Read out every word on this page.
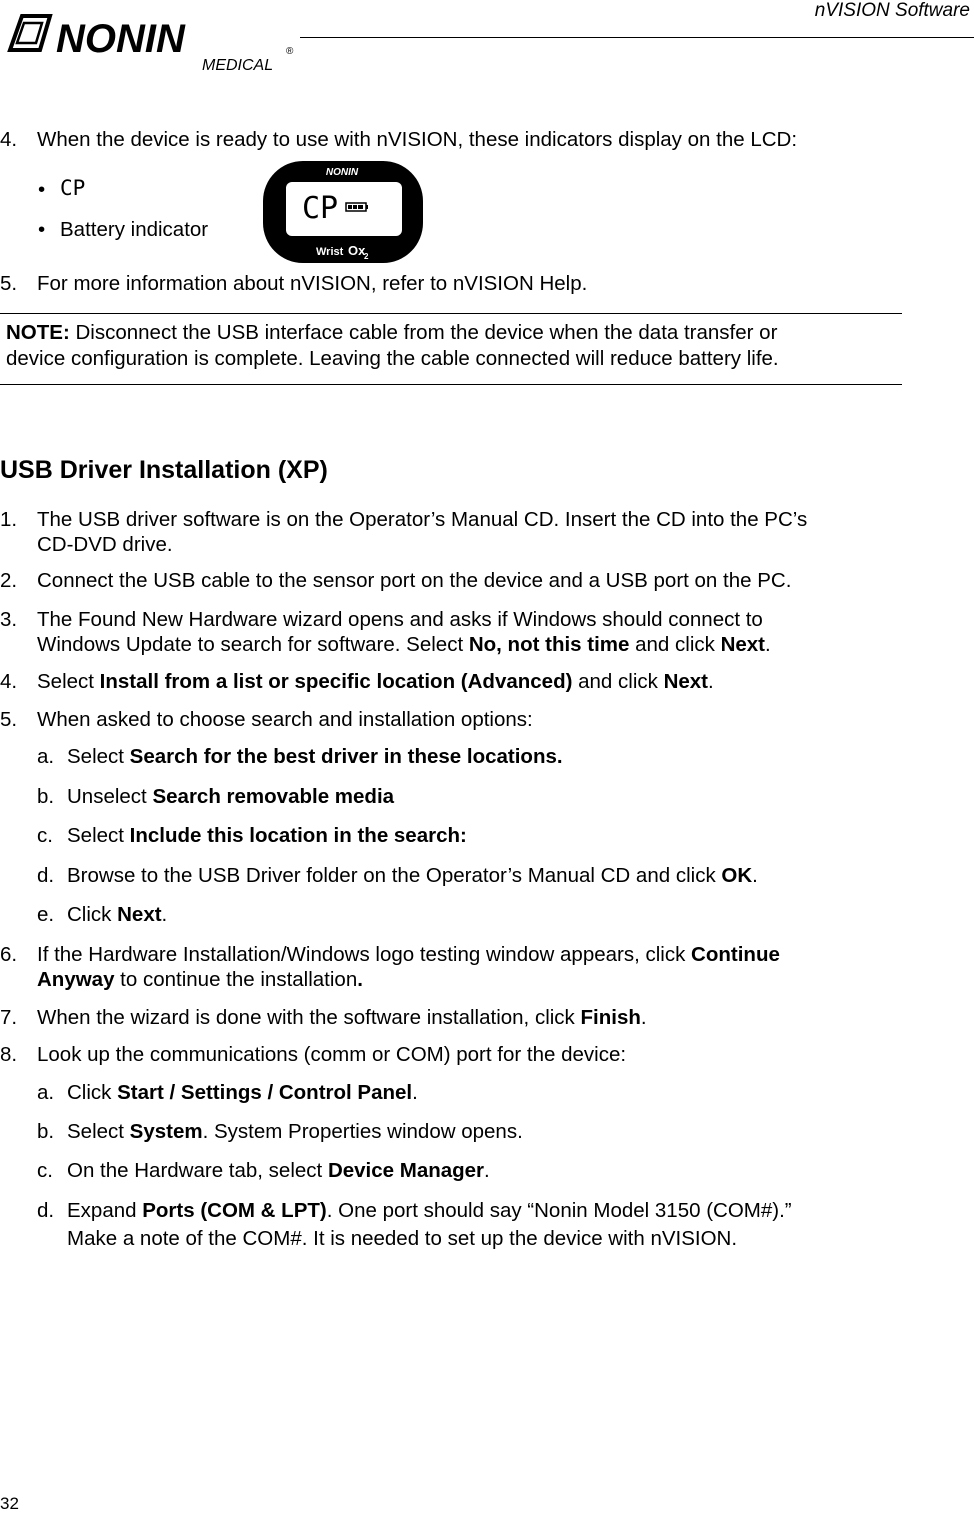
NONIN	®
MEDICAL
nVISION Software
4. When the device is ready to use with nVISION, these indicators display on the LCD:
• CP
• Battery indicator
NONIN
CP
Wrist Ox
2
5. For more information about nVISION, refer to nVISION Help.
NOTE: Disconnect the USB interface cable from the device when the data transfer or
device configuration is complete. Leaving the cable connected will reduce battery life.
USB Driver Installation (XP)
1. The USB driver software is on the Operator’s Manual CD. Insert the CD into the PC’s
CD-DVD drive.
2. Connect the USB cable to the sensor port on the device and a USB port on the PC.
3. The Found New Hardware wizard opens and asks if Windows should connect to
Windows Update to search for software. Select No, not this time and click Next.
4. Select Install from a list or specific location (Advanced) and click Next.
5. When asked to choose search and installation options:
a. Select Search for the best driver in these locations.
b. Unselect Search removable media
c. Select Include this location in the search:
d. Browse to the USB Driver folder on the Operator’s Manual CD and click OK.
e. Click Next.
6. If the Hardware Installation/Windows logo testing window appears, click Continue
Anyway to continue the installation.
7. When the wizard is done with the software installation, click Finish.
8. Look up the communications (comm or COM) port for the device:
a. Click Start / Settings / Control Panel.
b. Select System. System Properties window opens.
c. On the Hardware tab, select Device Manager.
d. Expand Ports (COM & LPT). One port should say “Nonin Model 3150 (COM#).”
Make a note of the COM#. It is needed to set up the device with nVISION.
32
